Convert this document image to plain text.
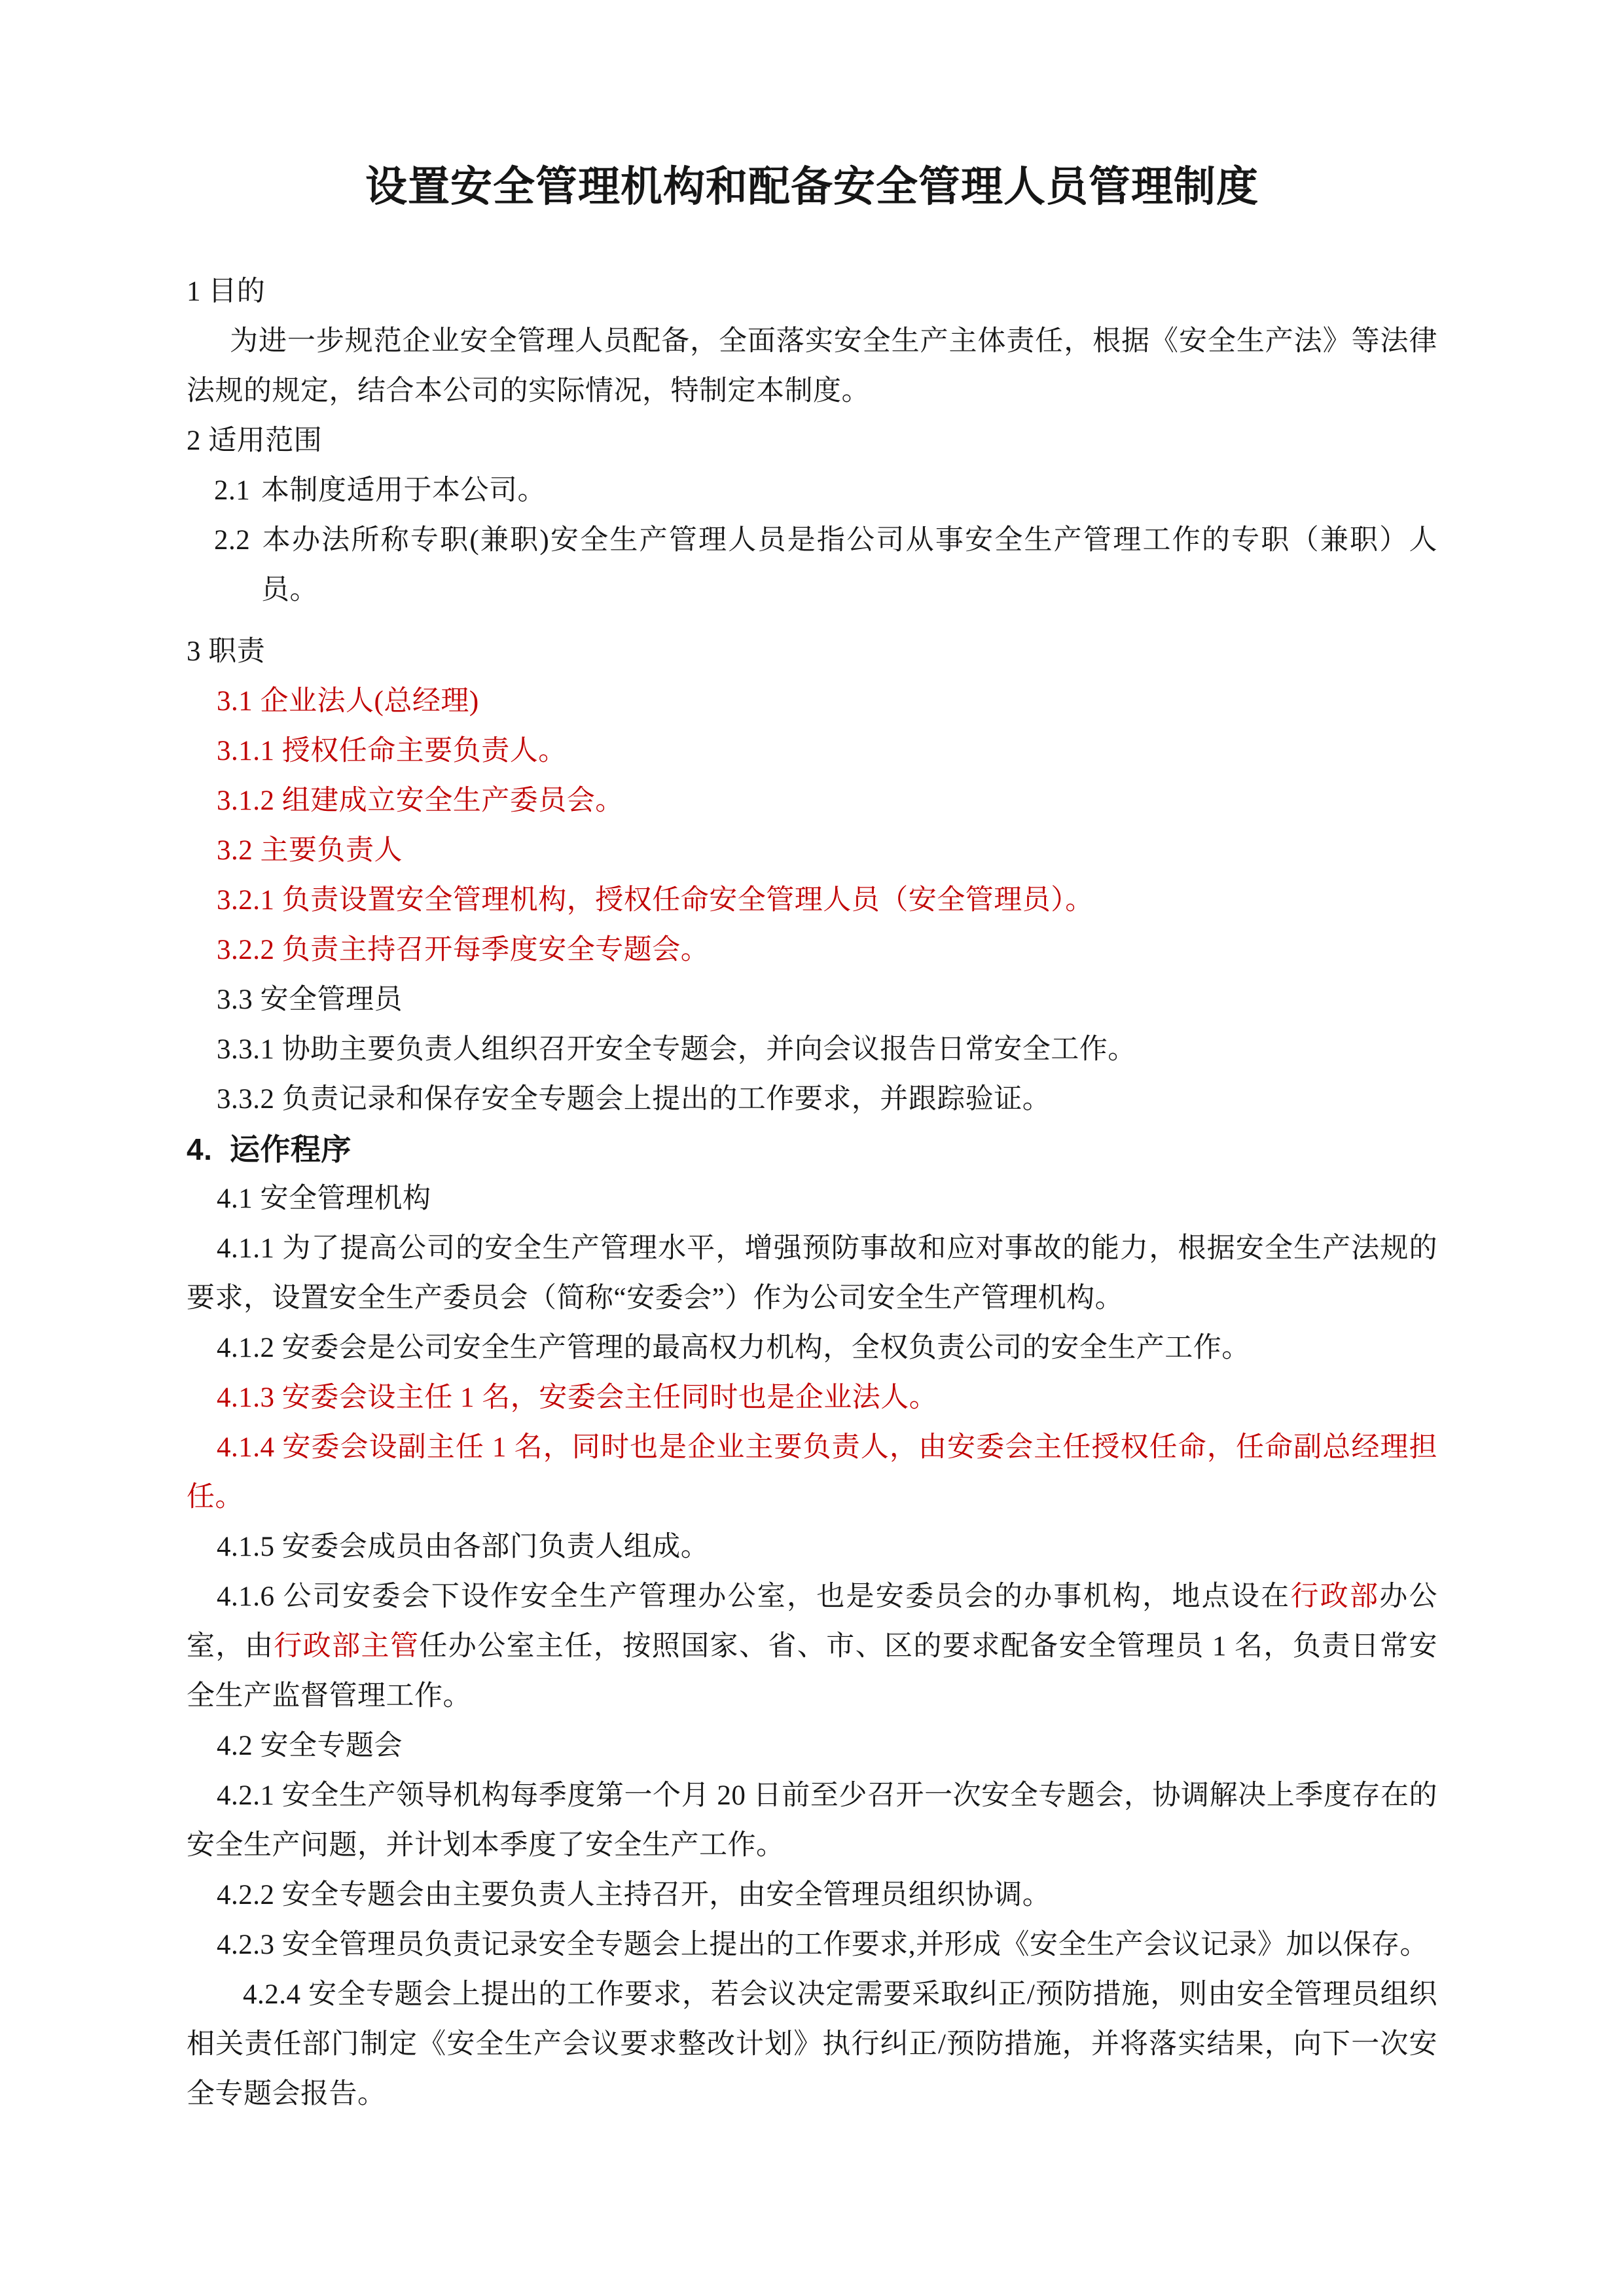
设置安全管理机构和配备安全管理人员管理制度
1 目的
为进一步规范企业安全管理人员配备，全面落实安全生产主体责任，根据《安全生产法》等法律法规的规定，结合本公司的实际情况，特制定本制度。
2 适用范围
2.1 本制度适用于本公司。
2.2 本办法所称专职(兼职)安全生产管理人员是指公司从事安全生产管理工作的专职（兼职）人员。
3 职责
3.1 企业法人(总经理)
3.1.1 授权任命主要负责人。
3.1.2 组建成立安全生产委员会。
3.2 主要负责人
3.2.1 负责设置安全管理机构，授权任命安全管理人员（安全管理员）。
3.2.2 负责主持召开每季度安全专题会。
3.3 安全管理员
3.3.1 协助主要负责人组织召开安全专题会，并向会议报告日常安全工作。
3.3.2 负责记录和保存安全专题会上提出的工作要求，并跟踪验证。
4.  运作程序
4.1 安全管理机构
4.1.1 为了提高公司的安全生产管理水平，增强预防事故和应对事故的能力，根据安全生产法规的要求，设置安全生产委员会（简称“安委会”）作为公司安全生产管理机构。
4.1.2 安委会是公司安全生产管理的最高权力机构，全权负责公司的安全生产工作。
4.1.3 安委会设主任 1 名，安委会主任同时也是企业法人。
4.1.4 安委会设副主任 1 名，同时也是企业主要负责人，由安委会主任授权任命，任命副总经理担任。
4.1.5 安委会成员由各部门负责人组成。
4.1.6 公司安委会下设作安全生产管理办公室，也是安委员会的办事机构，地点设在行政部办公室，由行政部主管任办公室主任，按照国家、省、市、区的要求配备安全管理员 1 名，负责日常安全生产监督管理工作。
4.2 安全专题会
4.2.1 安全生产领导机构每季度第一个月 20 日前至少召开一次安全专题会，协调解决上季度存在的安全生产问题，并计划本季度了安全生产工作。
4.2.2 安全专题会由主要负责人主持召开，由安全管理员组织协调。
4.2.3 安全管理员负责记录安全专题会上提出的工作要求,并形成《安全生产会议记录》加以保存。
4.2.4 安全专题会上提出的工作要求，若会议决定需要采取纠正/预防措施，则由安全管理员组织相关责任部门制定《安全生产会议要求整改计划》执行纠正/预防措施，并将落实结果，向下一次安全专题会报告。
